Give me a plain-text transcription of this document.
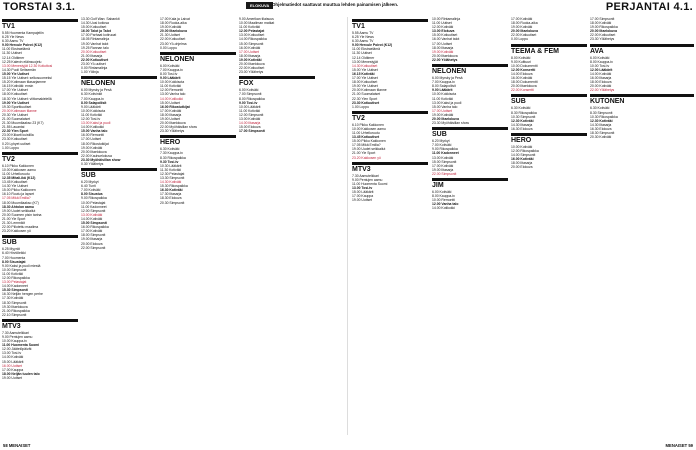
TORSTAI 3.1.	ELOKUVA Ohjelmatiedot saattavat muuttua lehden painamisen jälkeen.	PERJANTAI 4.1.
TV1
5.55 Huomenta Kampajeliin
6.25 Yle News
6.30 Aamu TV
9.00 Hercule Poirot (K12)
11.00 Ekstraelämä
11.30 Uutiset
12.14 Oldtimer
12.25 Kalevin eläinsuojelu
13.00 Menestyjät 12.30 Kotiuttosi
14.30 Puoli Seitsemän
15.00 Yle Uutiset
15.15 Yle Uutiset: selkosuomeksi
15.20 Kotimaan tilasarjamme
16.15 Kotiväki: ensin
17.00 Yle Uutiset
18.00 Kotiuutiset
18.30 Yle Uutiset: viittomakielellä
19.00 Yle Uutiset
19.30 Sporttiuutiset
20.00 Kotimaan tilanne
20.30 Yle Uutiset
21.00 Suomalaiset
21.30 Muumilaakso 23 (K7)
21.55 Lauantai
22.30 Ylen Sport
23.00 Kiikarit kuistilla
23.30 Kotiuutiset
0.20 Lyhyet uutiset
1.00 Loppu
TV2
6.10 Pikku Kakkonen
10.00 Kakkosen aamu
11.00 Urheiluruutu
12.35 Mitali-ikä (K12)
13.45 Kotiuutiset
14.30 Yle Uutiset
15.00 Pikku Kakkonen
16.10 Ruutu ja lapset
17.05 Mikä Emilia?
18.00 Muumilaakso (K7)
18.30 Ahtolon aamu
19.00 Uudet seikkailut
20.00 Suomen pisin tarina
21.00 Yle Sport
21.30 Lemmikit
22.00 Piilotettu maailma
23.20 Kakkosen yö
SUB
6.25 Myyrät
6.40 Hirviöleikki
7.00 Huomenta
8.00 Sisustajat
9.00 Kaksi ja puoli miestä
10.00 Simpsonit
11.00 Kotiväki
12.00 Rikospaikka
13.00 Pelastajat
14.00 Kadonneet
15.30 Simpsonit
16.30 Neljän hengen perhe
17.30 Kotiväki
18.30 Simpsonit
19.30 Iltaelokuva
21.00 Rikospaikka
22.10 Simpsonit
MTV3
7.30 Aamutelkkari
9.00 Pentujen aamu
10.00 Kauppa-tv
11.00 Huomenta Suomi
12.00 Jäätelöpäivät
13.00 Tosi-tv
14.00 Kotiväki
15.00 Lääkärit
16.00 Uutiset
17.00 Kauppa
18.00 Neljän tuulen talo
19.00 Uutiset
13.30 Golf Wan: Sabankit
14.30 Uusi kotiosa
15.00 Kotiuutiset
16.00 Talot ja Talot
17.00 Parhaat kotiruoat
18.05 Rintamalinja
19.00 Vanhat talot
19.25 Rannan talo
20.00 Kotiuutiset
21.00 Iltasarja
22.00 Kotiuutiset
23.00 Yö-uutiset
0.00 Rintamalinja
1.00 Yölinja
NELONEN
6.00 Myrsky ja Pesä
6.30 Kotivinkit
7.00 Kauppa-tv
8.00 Salapoliisit
9.00 Lääkärit
10.00 Kokkisota
11.00 Kotiväki
12.00 Tosi-tv
13.00 Kaksi ja puoli
14.00 Kotikokki
15.00 Vanha talo
16.00 Remontti
17.00 Uutiset
18.00 Rikostutkijat
19.00 Kotiväki
20.00 Iltaelokuva
22.00 Kauhuelokuva
23.30 Myöhäisillan show
0.30 Yölähetys
SUB
6.20 Myrkyt
6.40 Tunti
7.00 Kotiväki
8.00 Sisustus
9.00 Rikospaikka
10.00 Pelastajat
11.00 Kadonneet
12.00 Simpsonit
13.00 Kotiväki
14.00 Kotiväki
15.00 Simpsonit
16.00 Rikospaikka
17.00 Kotiväki
18.00 Simpsonit
19.00 Iltasarja
20.00 Elokuva
22.00 Simpsonit
17.00 Kala ja Laivat
18.00 Ruoka-aika
19.00 Kotiväki
20.00 Iltaelokuva
21.30 Uutiset
22.00 Kotiuutiset
23.00 Yö-ohjelma
0.00 Loppu
NELONEN
6.00 Kotiväki
7.00 Kauppa-tv
8.00 Tosi-tv
9.00 Lääkärit
10.00 Kokkisota
11.00 Kotiväki
12.00 Remontti
13.00 Vanha talo
14.00 Kotikokki
15.00 Uutiset
16.00 Rikostutkijat
17.00 Kotiväki
18.00 Iltasarja
19.00 Uutiset
20.00 Iltaelokuva
22.00 Myöhäisillan show
23.30 Yölähetys
HERO
6.30 Kotiväki
7.30 Kauppa-tv
8.30 Rikospaikka
9.30 Tosi-tv
10.30 Lääkärit
11.30 Kotiväki
12.30 Pelastajat
13.30 Simpsonit
14.30 Kotiväki
15.30 Rikospaikka
16.30 Kotiväki
17.30 Iltasarja
18.30 Elokuva
20.30 Simpsonit
9.00 Amerikan tilaisuus
10.00 Maailman matkat
11.00 Kotiväki
12.00 Pelastajat
13.00 Kotiuutiset
14.00 Rikospaikka
15.00 Simpsonit
16.00 Kotiväki
17.00 Uutiset
18.00 Iltasarja
19.00 Kotiväki
20.00 Iltaelokuva
22.00 Kotiuutiset
23.00 Yölähetys
FOX
6.00 Kotiväki
7.00 Simpsonit
8.00 Rikospaikka
9.00 Tosi-tv
10.00 Lääkärit
11.00 Kotiväki
12.00 Simpsonit
13.00 Kotiväki
14.00 Iltasarja
15.00 Elokuva
17.00 Simpsonit
TV1
5.55 Aamu TV
6.25 Yle News
6.30 Aamu TV
9.00 Hercule Poirot (K12)
11.00 Ekstraelämä
11.30 Uutiset
12.14 Oldtimer
13.00 Menestyjät
14.30 Kotiuutiset
15.00 Yle Uutiset
16.15 Kotiväki
17.00 Yle Uutiset
18.00 Kotiuutiset
19.00 Yle Uutiset
20.00 Kotimaan tilanne
21.00 Suomalaiset
22.30 Ylen Sport
23.30 Kotiuutiset
1.00 Loppu
TV2
6.10 Pikku Kakkonen
10.00 Kakkosen aamu
11.00 Urheiluruutu
13.45 Kotiuutiset
15.00 Pikku Kakkonen
17.05 Mikä Emilia?
19.00 Uudet seikkailut
21.00 Yle Sport
23.20 Kakkosen yö
MTV3
7.30 Aamutelkkari
9.00 Pentujen aamu
11.00 Huomenta Suomi
13.00 Tosi-tv
15.00 Lääkärit
17.00 Kauppa
19.00 Uutiset
10.00 Rintamalinja
11.00 Uutiset
12.00 Kotiväki
13.00 Elokuva
15.00 Kotiuutiset
16.00 Vanhat talot
17.00 Uutiset
18.00 Iltasarja
19.00 Kotiväki
20.00 Iltaelokuva
22.00 Yölähetys
NELONEN
6.00 Myrsky ja Pesä
7.00 Kauppa-tv
8.00 Salapoliisit
9.00 Lääkärit
10.00 Kokkisota
11.00 Kotiväki
13.00 Kaksi ja puoli
15.00 Vanha talo
17.00 Uutiset
19.00 Kotiväki
20.00 Iltaelokuva
23.30 Myöhäisillan show
SUB
6.20 Myrkyt
7.00 Kotiväki
9.00 Rikospaikka
11.00 Kadonneet
13.00 Kotiväki
15.00 Simpsonit
17.00 Kotiväki
19.00 Iltasarja
22.00 Simpsonit
JIM
6.00 Kotiväki
8.00 Kauppa-tv
10.00 Remontti
12.00 Vanha talo
14.00 Kotikokki
17.00 Kotiväki
18.00 Ruoka-aika
19.00 Kotiväki
20.00 Iltaelokuva
22.00 Kotiuutiset
0.00 Loppu
TEEMA & FEM
8.00 Kotiväki
9.00 Kulttuuri
10.00 Dokumentti
12.00 Konsertti
14.00 Elokuva
16.00 Kotiväki
18.00 Dokumentti
20.00 Iltaelokuva
22.00 Konsertti
SUB
6.30 Kotiväki
8.30 Rikospaikka
10.30 Simpsonit
12.30 Kotiväki
14.30 Iltasarja
16.30 Elokuva
HERO
10.00 Kotiväki
12.00 Rikospaikka
14.00 Simpsonit
16.00 Kotiväki
18.00 Iltasarja
20.00 Elokuva
17.00 Simpsonit
18.00 Kotiväki
19.00 Rikospaikka
20.00 Iltaelokuva
22.00 Kotiuutiset
23.30 Yölähetys
AVA
6.00 Kotiväki
8.00 Kauppa-tv
10.00 Tosi-tv
12.00 Lääkärit
14.00 Kotiväki
16.00 Iltasarja
18.00 Elokuva
20.00 Kotiväki
22.00 Yölähetys
KUTONEN
6.30 Kotiväki
8.30 Simpsonit
10.30 Rikospaikka
12.30 Kotiväki
14.30 Iltasarja
16.30 Elokuva
18.30 Simpsonit
20.30 Kotiväki
58 MENAISET	MENAISET 59
